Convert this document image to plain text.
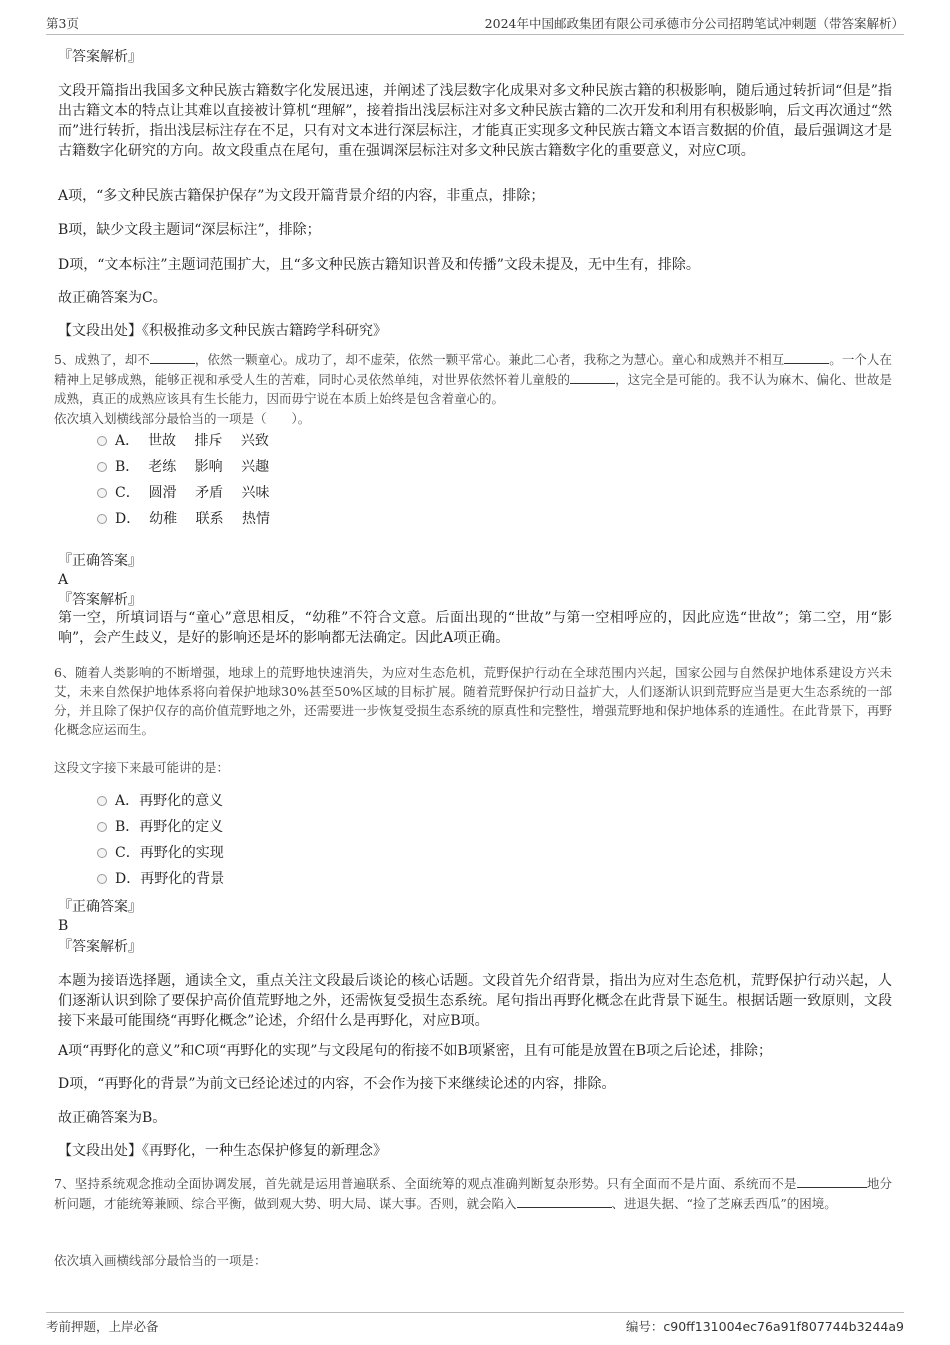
第3页	2024年中国邮政集团有限公司承德市分公司招聘笔试冲刺题（带答案解析）
『答案解析』

文段开篇指出我国多文种民族古籍数字化发展迅速，并阐述了浅层数字化成果对多文种民族古籍的积极影响，随后通过转折词“但是”指出古籍文本的特点让其难以直接被计算机“理解”，接着指出浅层标注对多文种民族古籍的二次开发和利用有积极影响，后文再次通过“然而”进行转折，指出浅层标注存在不足，只有对文本进行深层标注，才能真正实现多文种民族古籍文本语言数据的价值，最后强调这才是古籍数字化研究的方向。故文段重点在尾句，重在强调深层标注对多文种民族古籍数字化的重要意义，对应C项。

A项，“多文种民族古籍保护保存”为文段开篇背景介绍的内容，非重点，排除；
B项，缺少文段主题词“深层标注”，排除；
D项，“文本标注”主题词范围扩大，且“多文种民族古籍知识普及和传播”文段未提及，无中生有，排除。
故正确答案为C。
【文段出处】《积极推动多文种民族古籍跨学科研究》

5、成熟了，却不	，依然一颗童心。成功了，却不虚荣，依然一颗平常心。兼此二心者，我称之为慧心。童心和成熟并不相互	。一个人在精神上足够成熟，能够正视和承受人生的苦难，同时心灵依然单纯，对世界依然怀着儿童般的	，这完全是可能的。我不认为麻木、偏化、世故是成熟，真正的成熟应该具有生长能力，因而毋宁说在本质上始终是包含着童心的。

依次填入划横线部分最恰当的一项是（　　）。
A． 世故　 排斥　 兴致
B． 老练　 影响　 兴趣
C． 圆滑　 矛盾　 兴味
D． 幼稚　 联系　 热情
『正确答案』
A
『答案解析』

第一空，所填词语与“童心”意思相反，“幼稚”不符合文意。后面出现的“世故”与第一空相呼应的，因此应选“世故”；第二空，用“影响”，会产生歧义，是好的影响还是坏的影响都无法确定。因此A项正确。

6、随着人类影响的不断增强，地球上的荒野地快速消失，为应对生态危机，荒野保护行动在全球范围内兴起，国家公园与自然保护地体系建设方兴未艾，未来自然保护地体系将向着保护地球30%甚至50%区域的目标扩展。随着荒野保护行动日益扩大，人们逐渐认识到荒野应当是更大生态系统的一部分，并且除了保护仅存的高价值荒野地之外，还需要进一步恢复受损生态系统的原真性和完整性，增强荒野地和保护地体系的连通性。在此背景下，再野化概念应运而生。

这段文字接下来最可能讲的是：
A．再野化的意义
B．再野化的定义
C．再野化的实现
D．再野化的背景
『正确答案』
B
『答案解析』

本题为接语选择题，通读全文，重点关注文段最后谈论的核心话题。文段首先介绍背景，指出为应对生态危机，荒野保护行动兴起，人们逐渐认识到除了要保护高价值荒野地之外，还需恢复受损生态系统。尾句指出再野化概念在此背景下诞生。根据话题一致原则，文段接下来最可能围绕“再野化概念”论述，介绍什么是再野化，对应B项。

A项“再野化的意义”和C项“再野化的实现”与文段尾句的衔接不如B项紧密，且有可能是放置在B项之后论述，排除；
D项，“再野化的背景”为前文已经论述过的内容，不会作为接下来继续论述的内容，排除。
故正确答案为B。
【文段出处】《再野化，一种生态保护修复的新理念》

7、坚持系统观念推动全面协调发展，首先就是运用普遍联系、全面统筹的观点准确判断复杂形势。只有全面而不是片面、系统而不是	地分析问题，才能统筹兼顾、综合平衡，做到观大势、明大局、谋大事。否则，就会陷入	、进退失据、“捡了芝麻丢西瓜”的困境。

依次填入画横线部分最恰当的一项是：
考前押题，上岸必备	编号：c90ff131004ec76a91f807744b3244a9
